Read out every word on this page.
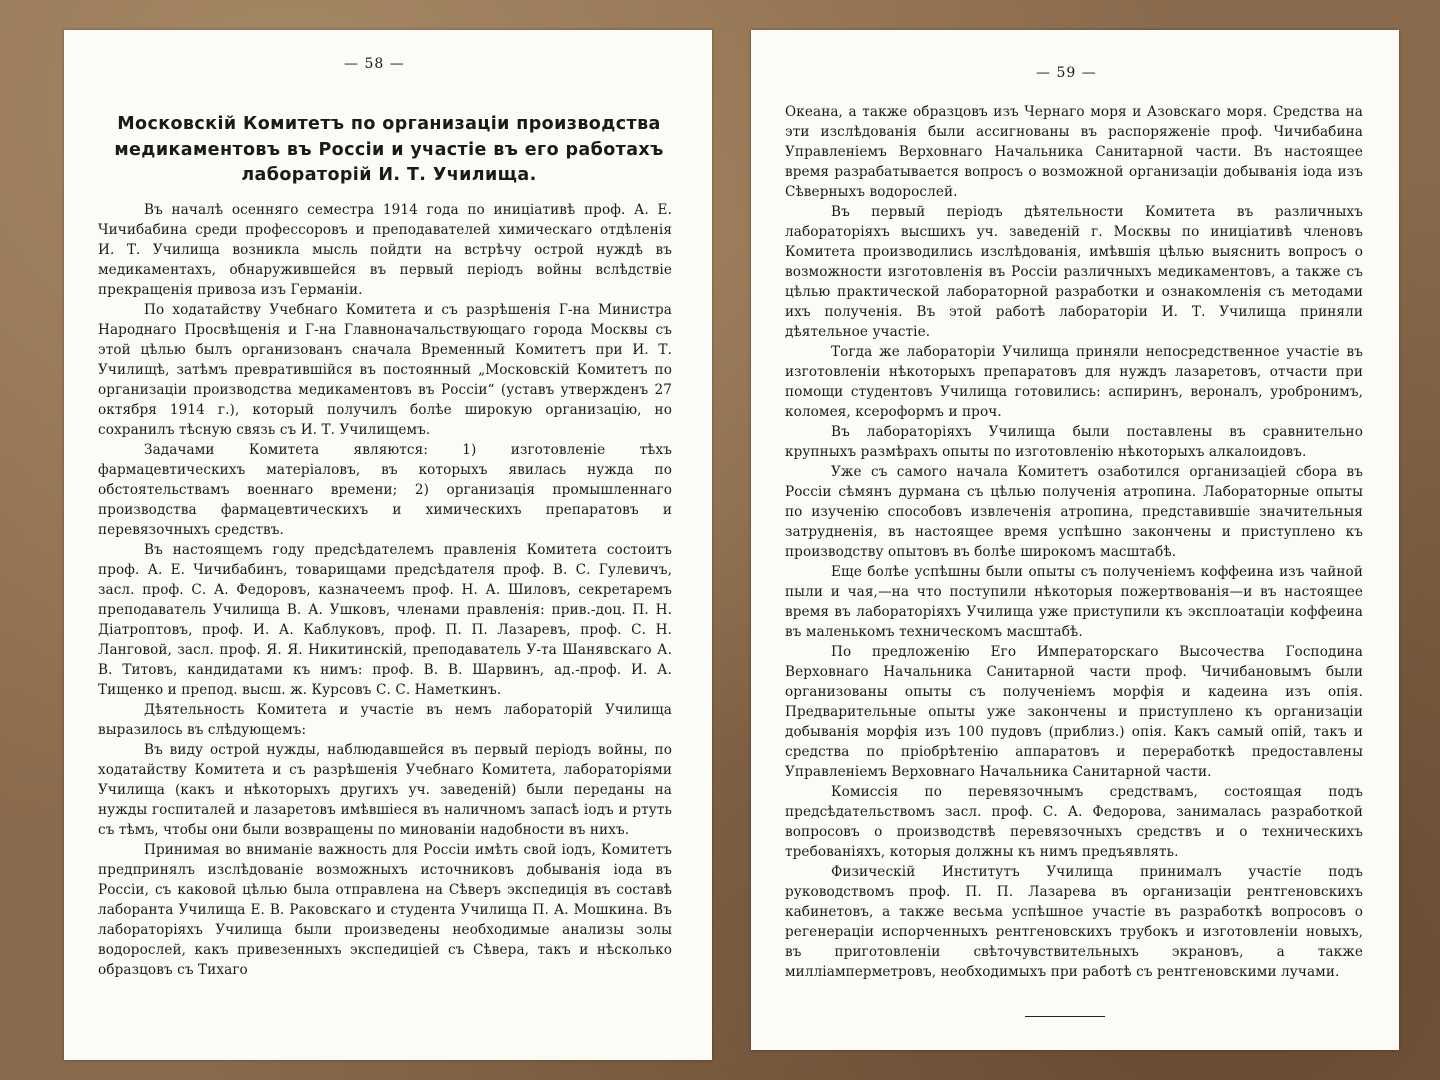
— 58 —
Московскій Комитетъ по организаціи производства медикаментовъ въ Россіи и участіе въ его работахъ лабораторій И. Т. Училища.

Въ началѣ осенняго семестра 1914 года по иниціативѣ проф. А. Е. Чичибабина среди профессоровъ и преподавателей химическаго отдѣленія И. Т. Училища возникла мысль пойдти на встрѣчу острой нуждѣ въ медикаментахъ, обнаружившейся въ первый періодъ войны вслѣдствіе прекращенія привоза изъ Германіи.

По ходатайству Учебнаго Комитета и съ разрѣшенія Г-на Министра Народнаго Просвѣщенія и Г-на Главноначальствующаго города Москвы съ этой цѣлью былъ организованъ сначала Временный Комитетъ при И. Т. Училищѣ, затѣмъ превратившійся въ постоянный „Московскій Комитетъ по организаціи производства медикаментовъ въ Россіи“ (уставъ утвержденъ 27 октября 1914 г.), который получилъ болѣе широкую организацію, но сохранилъ тѣсную связь съ И. Т. Училищемъ.

Задачами Комитета являются: 1) изготовленіе тѣхъ фармацевтическихъ матеріаловъ, въ которыхъ явилась нужда по обстоятельствамъ военнаго времени; 2) организація промышленнаго производства фармацевтическихъ и химическихъ препаратовъ и перевязочныхъ средствъ.

Въ настоящемъ году предсѣдателемъ правленія Комитета состоитъ проф. А. Е. Чичибабинъ, товарищами предсѣдателя проф. В. С. Гулевичъ, засл. проф. С. А. Федоровъ, казначеемъ проф. Н. А. Шиловъ, секретаремъ преподаватель Училища В. А. Ушковъ, членами правленія: прив.-доц. П. Н. Діатроптовъ, проф. И. А. Каблуковъ, проф. П. П. Лазаревъ, проф. С. Н. Ланговой, засл. проф. Я. Я. Никитинскій, преподаватель У-та Шанявскаго А. В. Титовъ, кандидатами къ нимъ: проф. В. В. Шарвинъ, ад.-проф. И. А. Тищенко и препод. высш. ж. Курсовъ С. С. Наметкинъ.

Дѣятельность Комитета и участіе въ немъ лабораторій Училища выразилось въ слѣдующемъ:

Въ виду острой нужды, наблюдавшейся въ первый періодъ войны, по ходатайству Комитета и съ разрѣшенія Учебнаго Комитета, лабораторіями Училища (какъ и нѣкоторыхъ другихъ уч. заведеній) были переданы на нужды госпиталей и лазаретовъ имѣвшіеся въ наличномъ запасѣ іодъ и ртуть съ тѣмъ, чтобы они были возвращены по минованіи надобности въ нихъ.

Принимая во вниманіе важность для Россіи имѣть свой іодъ, Комитетъ предпринялъ изслѣдованіе возможныхъ источниковъ добыванія іода въ Россіи, съ каковой цѣлью была отправлена на Сѣверъ экспедиція въ составѣ лаборанта Училища Е. В. Раковскаго и студента Училища П. А. Мошкина. Въ лабораторіяхъ Училища были произведены необходимые анализы золы водорослей, какъ привезенныхъ экспедиціей съ Сѣвера, такъ и нѣсколько образцовъ съ Тихаго

— 59 —

Океана, а также образцовъ изъ Чернаго моря и Азовскаго моря. Средства на эти изслѣдованія были ассигнованы въ распоряженіе проф. Чичибабина Управленіемъ Верховнаго Начальника Санитарной части. Въ настоящее время разрабатывается вопросъ о возможной организаціи добыванія іода изъ Сѣверныхъ водорослей.

Въ первый періодъ дѣятельности Комитета въ различныхъ лабораторіяхъ высшихъ уч. заведеній г. Москвы по иниціативѣ членовъ Комитета производились изслѣдованія, имѣвшія цѣлью выяснить вопросъ о возможности изготовленія въ Россіи различныхъ медикаментовъ, а также съ цѣлью практической лабораторной разработки и ознакомленія съ методами ихъ полученія. Въ этой работѣ лабораторіи И. Т. Училища приняли дѣятельное участіе.

Тогда же лабораторіи Училища приняли непосредственное участіе въ изготовленіи нѣкоторыхъ препаратовъ для нуждъ лазаретовъ, отчасти при помощи студентовъ Училища готовились: аспиринъ, вероналъ, уробронимъ, коломея, ксероформъ и проч.

Въ лабораторіяхъ Училища были поставлены въ сравнительно крупныхъ размѣрахъ опыты по изготовленію нѣкоторыхъ алкалоидовъ.

Уже съ самого начала Комитетъ озаботился организаціей сбора въ Россіи сѣмянъ дурмана съ цѣлью полученія атропина. Лабораторные опыты по изученію способовъ извлеченія атропина, представившіе значительныя затрудненія, въ настоящее время успѣшно закончены и приступлено къ производству опытовъ въ болѣе широкомъ масштабѣ.

Еще болѣе успѣшны были опыты съ полученіемъ коффеина изъ чайной пыли и чая,—на что поступили нѣкоторыя пожертвованія—и въ настоящее время въ лабораторіяхъ Училища уже приступили къ эксплоатаціи коффеина въ маленькомъ техническомъ масштабѣ.

По предложенію Его Императорскаго Высочества Господина Верховнаго Начальника Санитарной части проф. Чичибановымъ были организованы опыты съ полученіемъ морфія и кадеина изъ опія. Предварительные опыты уже закончены и приступлено къ организаціи добыванія морфія изъ 100 пудовъ (приблиз.) опія. Какъ самый опій, такъ и средства по пріобрѣтенію аппаратовъ и переработкѣ предоставлены Управленіемъ Верховнаго Начальника Санитарной части.

Комиссія по перевязочнымъ средствамъ, состоящая подъ предсѣдательствомъ засл. проф. С. А. Федорова, занималась разработкой вопросовъ о производствѣ перевязочныхъ средствъ и о техническихъ требованіяхъ, которыя должны къ нимъ предъявлять.

Физическій Институтъ Училища принималъ участіе подъ руководствомъ проф. П. П. Лазарева въ организаціи рентгеновскихъ кабинетовъ, а также весьма успѣшное участіе въ разработкѣ вопросовъ о регенераціи испорченныхъ рентгеновскихъ трубокъ и изготовленіи новыхъ, въ приготовленіи свѣточувствительныхъ экрановъ, а также милліамперметровъ, необходимыхъ при работѣ съ рентгеновскими лучами.
